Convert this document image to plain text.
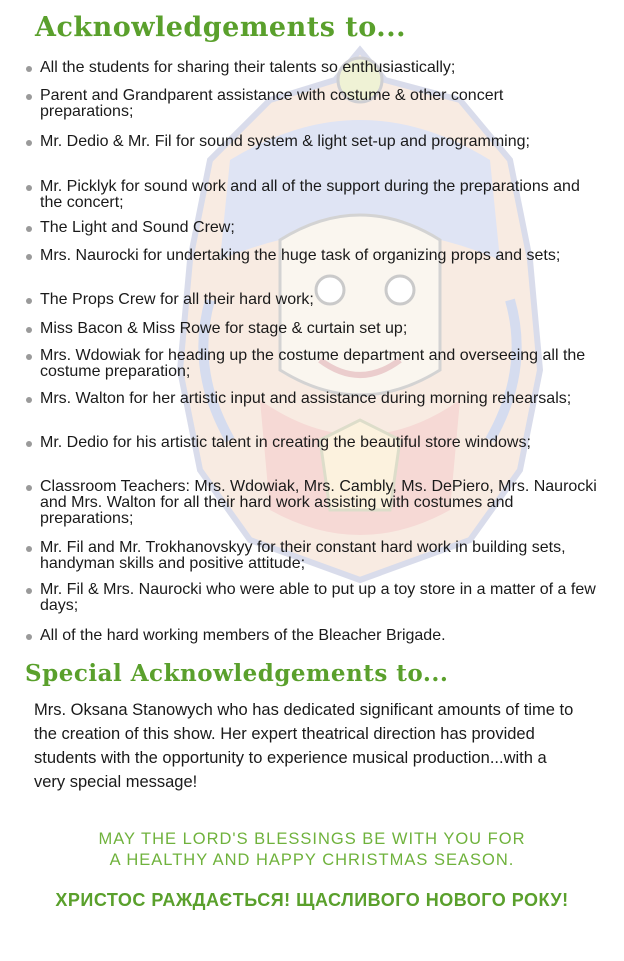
Acknowledgements to...
All the students for sharing their talents so enthusiastically;
Parent and Grandparent assistance with costume & other concert preparations;
Mr. Dedio & Mr. Fil for sound system & light set-up and programming;
Mr. Picklyk for sound work and all of the support during the preparations and the concert;
The Light and Sound Crew;
Mrs. Naurocki for undertaking the huge task of organizing props and sets;
The Props Crew for all their hard work;
Miss Bacon & Miss Rowe for stage & curtain set up;
Mrs. Wdowiak for heading up the costume department and overseeing all the costume preparation;
Mrs. Walton for her artistic input and assistance during morning rehearsals;
Mr. Dedio for his artistic talent in creating the beautiful store windows;
Classroom Teachers: Mrs. Wdowiak, Mrs. Cambly, Ms. DePiero, Mrs. Naurocki and Mrs. Walton for all their hard work assisting with costumes and preparations;
Mr. Fil and Mr. Trokhanovskyy for their constant hard work in building sets, handyman skills and positive attitude;
Mr. Fil & Mrs. Naurocki who were able to put up a toy store in a matter of a few days;
All of the hard working members of the Bleacher Brigade.
Special Acknowledgements to...
Mrs. Oksana Stanowych who has dedicated significant amounts of time to the creation of this show. Her expert theatrical direction has provided students with the opportunity to experience musical production...with a very special message!
MAY THE LORD'S BLESSINGS BE WITH YOU FOR
A HEALTHY AND HAPPY CHRISTMAS SEASON.
ХРИСТОС РАЖДАЄТЬСЯ! ЩАСЛИВОГО НОВОГО РОКУ!
